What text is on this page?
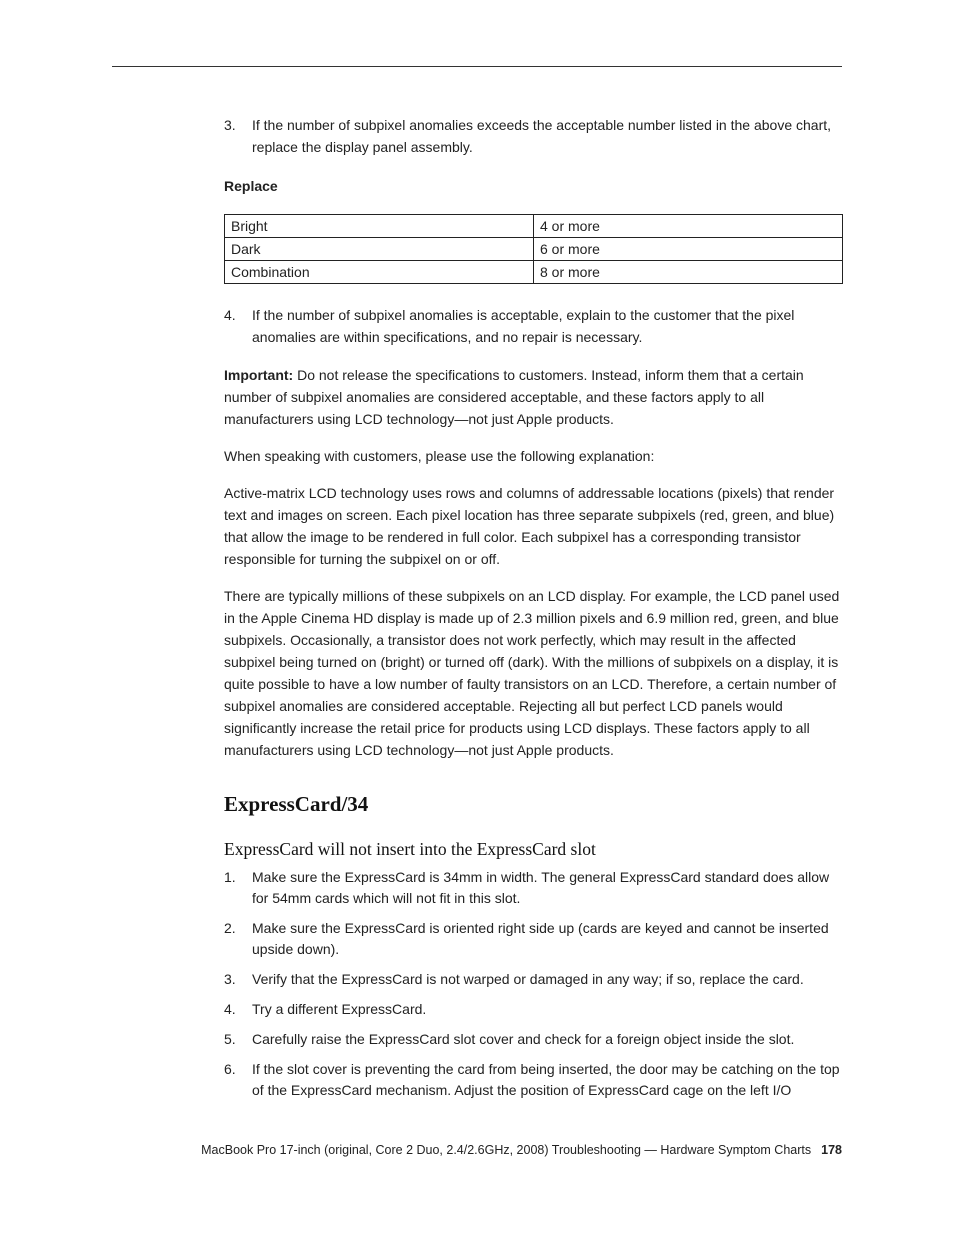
3.	If the number of subpixel anomalies exceeds the acceptable number listed in the above chart, replace the display panel assembly.

Replace

Bright	4 or more
Dark	6 or more
Combination	8 or more
4.	If the number of subpixel anomalies is acceptable, explain to the customer that the pixel anomalies are within specifications, and no repair is necessary.

Important: Do not release the specifications to customers. Instead, inform them that a certain number of subpixel anomalies are considered acceptable, and these factors apply to all manufacturers using LCD technology—not just Apple products.

When speaking with customers, please use the following explanation:

Active-matrix LCD technology uses rows and columns of addressable locations (pixels) that render text and images on screen. Each pixel location has three separate subpixels (red, green, and blue) that allow the image to be rendered in full color. Each subpixel has a corresponding transistor responsible for turning the subpixel on or off.

There are typically millions of these subpixels on an LCD display. For example, the LCD panel used in the Apple Cinema HD display is made up of 2.3 million pixels and 6.9 million red, green, and blue subpixels. Occasionally, a transistor does not work perfectly, which may result in the affected subpixel being turned on (bright) or turned off (dark). With the millions of subpixels on a display, it is quite possible to have a low number of faulty transistors on an LCD. Therefore, a certain number of subpixel anomalies are considered acceptable. Rejecting all but perfect LCD panels would significantly increase the retail price for products using LCD displays. These factors apply to all manufacturers using LCD technology—not just Apple products.

ExpressCard/34
ExpressCard will not insert into the ExpressCard slot
1.	Make sure the ExpressCard is 34mm in width. The general ExpressCard standard does allow for 54mm cards which will not fit in this slot.
2.	Make sure the ExpressCard is oriented right side up (cards are keyed and cannot be inserted upside down).
3.	Verify that the ExpressCard is not warped or damaged in any way; if so, replace the card.
4.	Try a different ExpressCard.
5.	Carefully raise the ExpressCard slot cover and check for a foreign object inside the slot.
6.	If the slot cover is preventing the card from being inserted, the door may be catching on the top of the ExpressCard mechanism. Adjust the position of ExpressCard cage on the left I/O
MacBook Pro 17-inch (original, Core 2 Duo, 2.4/2.6GHz, 2008) Troubleshooting — Hardware Symptom Charts 178
